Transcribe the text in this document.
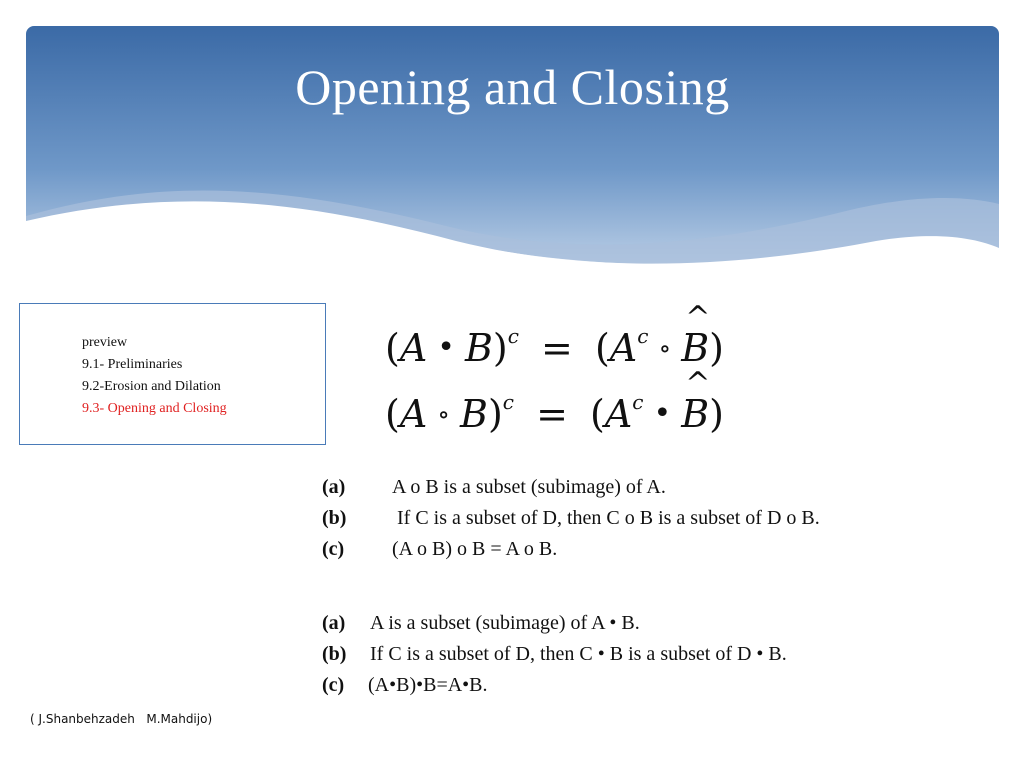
Opening and Closing
preview
9.1- Preliminaries
9.2-Erosion and Dilation
9.3- Opening and Closing
(A • $B)^c = (A^c$ ∘ ^ B)
(A ∘ $B)^c = (A^c$ • ^ B)
(a) A o B is a subset (subimage) of A.
(b)	If C is a subset of D, then C o B is a subset of D o B.
(c) (A o B) o B = A o B.
(a) A is a subset (subimage) of A • B.
(b) If C is a subset of D, then C • B is a subset of D • B.
(c) (A•B)•B=A•B.
( J.Shanbehzadeh   M.Mahdijo)
